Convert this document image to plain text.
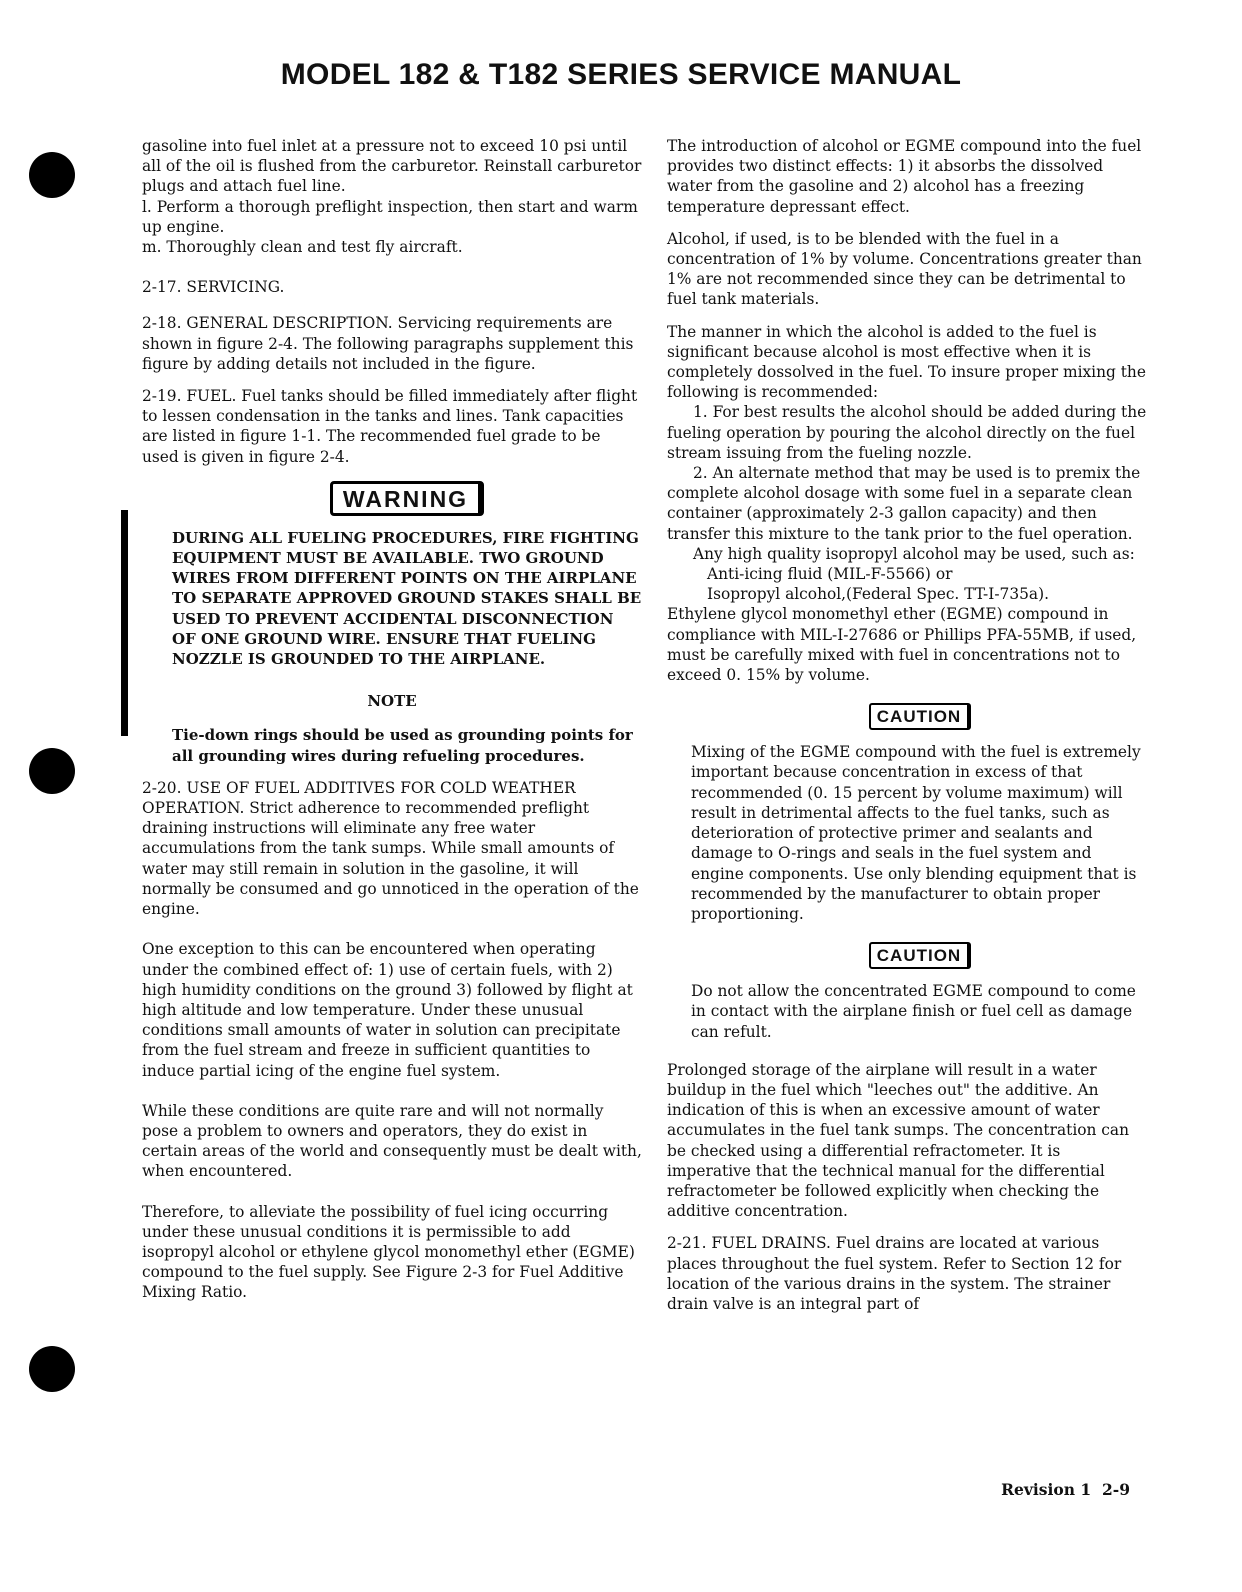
MODEL 182 & T182 SERIES SERVICE MANUAL

gasoline into fuel inlet at a pressure not to exceed 10 psi until all of the oil is flushed from the carburetor. Reinstall carburetor plugs and attach fuel line.

l. Perform a thorough preflight inspection, then start and warm up engine.

m. Thoroughly clean and test fly aircraft.

2-17. SERVICING.

2-18. GENERAL DESCRIPTION. Servicing requirements are shown in figure 2-4. The following paragraphs supplement this figure by adding details not included in the figure.

2-19. FUEL. Fuel tanks should be filled immediately after flight to lessen condensation in the tanks and lines. Tank capacities are listed in figure 1-1. The recommended fuel grade to be used is given in figure 2-4.

WARNING
DURING ALL FUELING PROCEDURES, FIRE FIGHTING EQUIPMENT MUST BE AVAILABLE. TWO GROUND WIRES FROM DIFFERENT POINTS ON THE AIRPLANE TO SEPARATE APPROVED GROUND STAKES SHALL BE USED TO PREVENT ACCIDENTAL DISCONNECTION OF ONE GROUND WIRE. ENSURE THAT FUELING NOZZLE IS GROUNDED TO THE AIRPLANE.
NOTE
Tie-down rings should be used as grounding points for all grounding wires during refueling procedures.

2-20. USE OF FUEL ADDITIVES FOR COLD WEATHER OPERATION. Strict adherence to recommended preflight draining instructions will eliminate any free water accumulations from the tank sumps. While small amounts of water may still remain in solution in the gasoline, it will normally be consumed and go unnoticed in the operation of the engine.

One exception to this can be encountered when operating under the combined effect of: 1) use of certain fuels, with 2) high humidity conditions on the ground 3) followed by flight at high altitude and low temperature. Under these unusual conditions small amounts of water in solution can precipitate from the fuel stream and freeze in sufficient quantities to induce partial icing of the engine fuel system.

While these conditions are quite rare and will not normally pose a problem to owners and operators, they do exist in certain areas of the world and consequently must be dealt with, when encountered.

Therefore, to alleviate the possibility of fuel icing occurring under these unusual conditions it is permissible to add isopropyl alcohol or ethylene glycol monomethyl ether (EGME) compound to the fuel supply. See Figure 2-3 for Fuel Additive Mixing Ratio.

The introduction of alcohol or EGME compound into the fuel provides two distinct effects: 1) it absorbs the dissolved water from the gasoline and 2) alcohol has a freezing temperature depressant effect.

Alcohol, if used, is to be blended with the fuel in a concentration of 1% by volume. Concentrations greater than 1% are not recommended since they can be detrimental to fuel tank materials.

The manner in which the alcohol is added to the fuel is significant because alcohol is most effective when it is completely dossolved in the fuel. To insure proper mixing the following is recommended:

1. For best results the alcohol should be added during the fueling operation by pouring the alcohol directly on the fuel stream issuing from the fueling nozzle.

2. An alternate method that may be used is to premix the complete alcohol dosage with some fuel in a separate clean container (approximately 2-3 gallon capacity) and then transfer this mixture to the tank prior to the fuel operation.

Any high quality isopropyl alcohol may be used, such as:

Anti-icing fluid (MIL-F-5566) or

Isopropyl alcohol,(Federal Spec. TT-I-735a).

Ethylene glycol monomethyl ether (EGME) compound in compliance with MIL-I-27686 or Phillips PFA-55MB, if used, must be carefully mixed with fuel in concentrations not to exceed 0. 15% by volume.

CAUTION
Mixing of the EGME compound with the fuel is extremely important because concentration in excess of that recommended (0. 15 percent by volume maximum) will result in detrimental affects to the fuel tanks, such as deterioration of protective primer and sealants and damage to O-rings and seals in the fuel system and engine components. Use only blending equipment that is recommended by the manufacturer to obtain proper proportioning.
CAUTION
Do not allow the concentrated EGME compound to come in contact with the airplane finish or fuel cell as damage can refult.

Prolonged storage of the airplane will result in a water buildup in the fuel which "leeches out" the additive. An indication of this is when an excessive amount of water accumulates in the fuel tank sumps. The concentration can be checked using a differential refractometer. It is imperative that the technical manual for the differential refractometer be followed explicitly when checking the additive concentration.

2-21. FUEL DRAINS. Fuel drains are located at various places throughout the fuel system. Refer to Section 12 for location of the various drains in the system. The strainer drain valve is an integral part of

Revision 1 2-9
